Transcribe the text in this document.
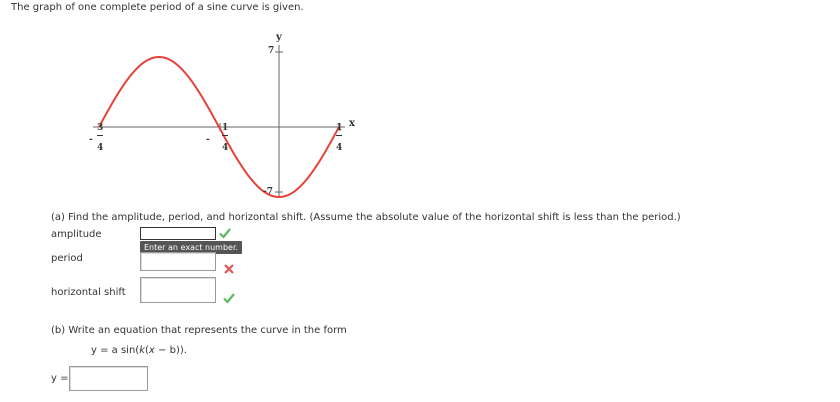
The graph of one complete period of a sine curve is given.
y
x
7
-7
-
3
4
-
1
4
1
4
(a) Find the amplitude, period, and horizontal shift. (Assume the absolute value of the horizontal shift is less than the period.)
amplitude
Enter an exact number.
period
horizontal shift
(b) Write an equation that represents the curve in the form
y = a sin(k(x − b)).
y =
